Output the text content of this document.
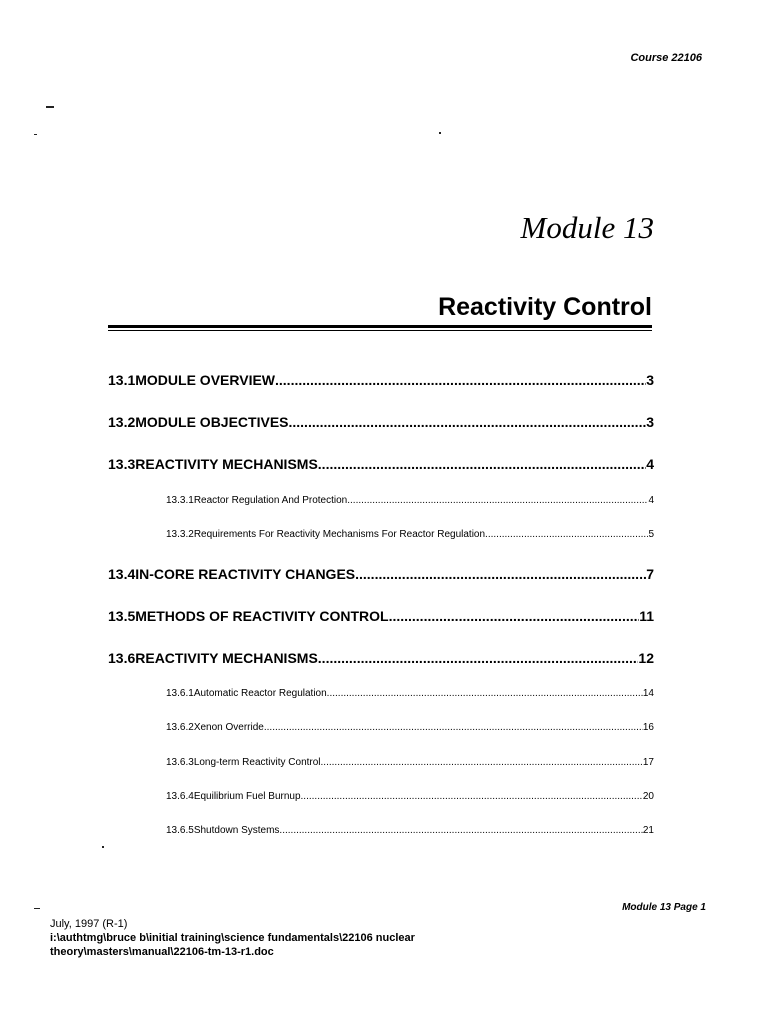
Course 22106
Module 13
Reactivity Control
13.1 MODULE OVERVIEW .....	3
13.2 MODULE OBJECTIVES .....	3
13.3 REACTIVITY MECHANISMS .....	4
13.3.1 Reactor Regulation And Protection .....	4
13.3.2 Requirements For Reactivity Mechanisms For Reactor Regulation .....	5
13.4 IN-CORE REACTIVITY CHANGES .....	7
13.5 METHODS OF REACTIVITY CONTROL .....	11
13.6 REACTIVITY MECHANISMS .....	12
13.6.1 Automatic Reactor Regulation .....	14
13.6.2 Xenon Override .....	16
13.6.3 Long-term Reactivity Control .....	17
13.6.4 Equilibrium Fuel Burnup .....	20
13.6.5 Shutdown Systems .....	21
Module 13 Page 1
July, 1997 (R-1)
i:\authtmg\bruce b\initial training\science fundamentals\22106 nuclear
theory\masters\manual\22106-tm-13-r1.doc
